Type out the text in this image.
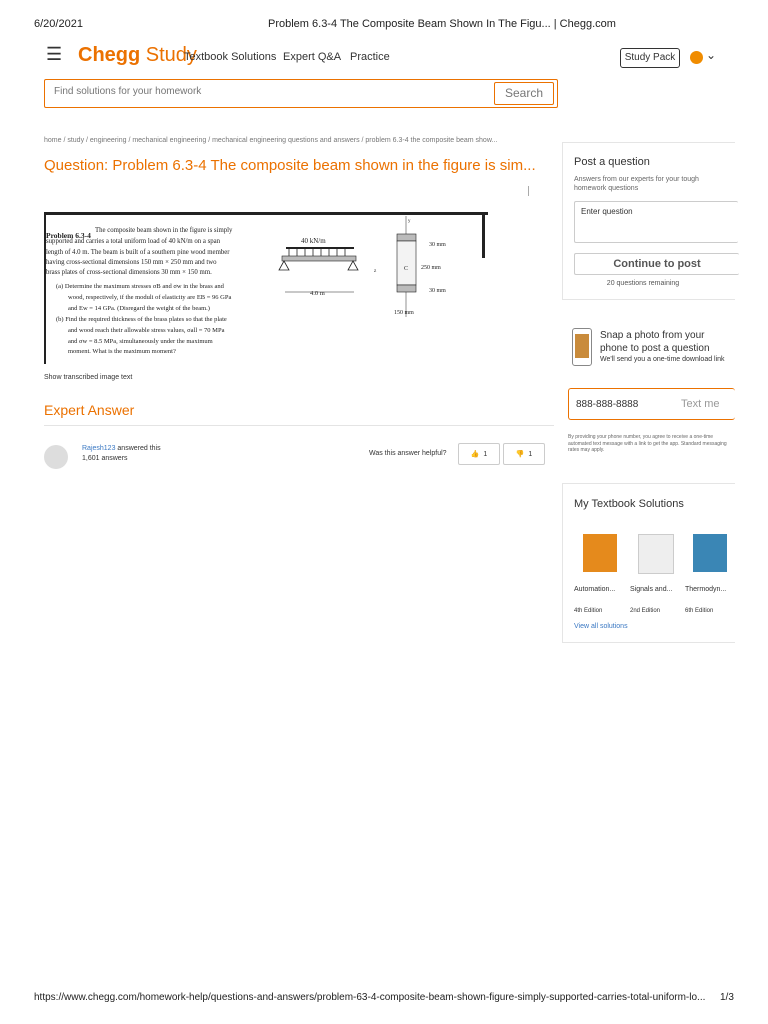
6/20/2021	Problem 6.3-4 The Composite Beam Shown In The Figu... | Chegg.com
☰ Chegg Study
Textbook Solutions Expert Q&A Practice	Study Pack	⌄
Find solutions for your homework
Search
home / study / engineering / mechanical engineering / mechanical engineering questions and answers / problem 6.3-4 the composite beam show...
Question: Problem 6.3-4 The composite beam shown in the figure is sim...
Problem 6.3-4
The composite beam shown in the figure is simply
supported and carries a total uniform load of 40 kN/m on a span
length of 4.0 m. The beam is built of a southern pine wood member
having cross-sectional dimensions 150 mm × 250 mm and two
brass plates of cross-sectional dimensions 30 mm × 150 mm.
(a) Determine the maximum stresses σB and σw in the brass and
wood, respectively, if the moduli of elasticity are EB = 96 GPa
and Ew = 14 GPa. (Disregard the weight of the beam.)
(b) Find the required thickness of the brass plates so that the plate
and wood reach their allowable stress values, σall = 70 MPa
and σw = 8.5 MPa, simultaneously under the maximum
moment. What is the maximum moment?
40 kN/m
4.0 m
y
z	C
30 mm
250 mm
30 mm
150 mm
Show transcribed image text
Expert Answer
Rajesh123 answered this
1,601 answers
Was this answer helpful?	👍 1	👎 1
Post a question
Answers from our experts for your tough homework questions
Enter question
Continue to post
20 questions remaining
Snap a photo from your phone to post a question
We'll send you a one-time download link
888-888-8888	Text me
By providing your phone number, you agree to receive a one-time automated text message with a link to get the app. Standard messaging rates may apply.
My Textbook Solutions
Automation... Signals and... Thermodyn...
4th Edition	2nd Edition	6th Edition
View all solutions
https://www.chegg.com/homework-help/questions-and-answers/problem-63-4-composite-beam-shown-figure-simply-supported-carries-total-uniform-lo... 1/3
